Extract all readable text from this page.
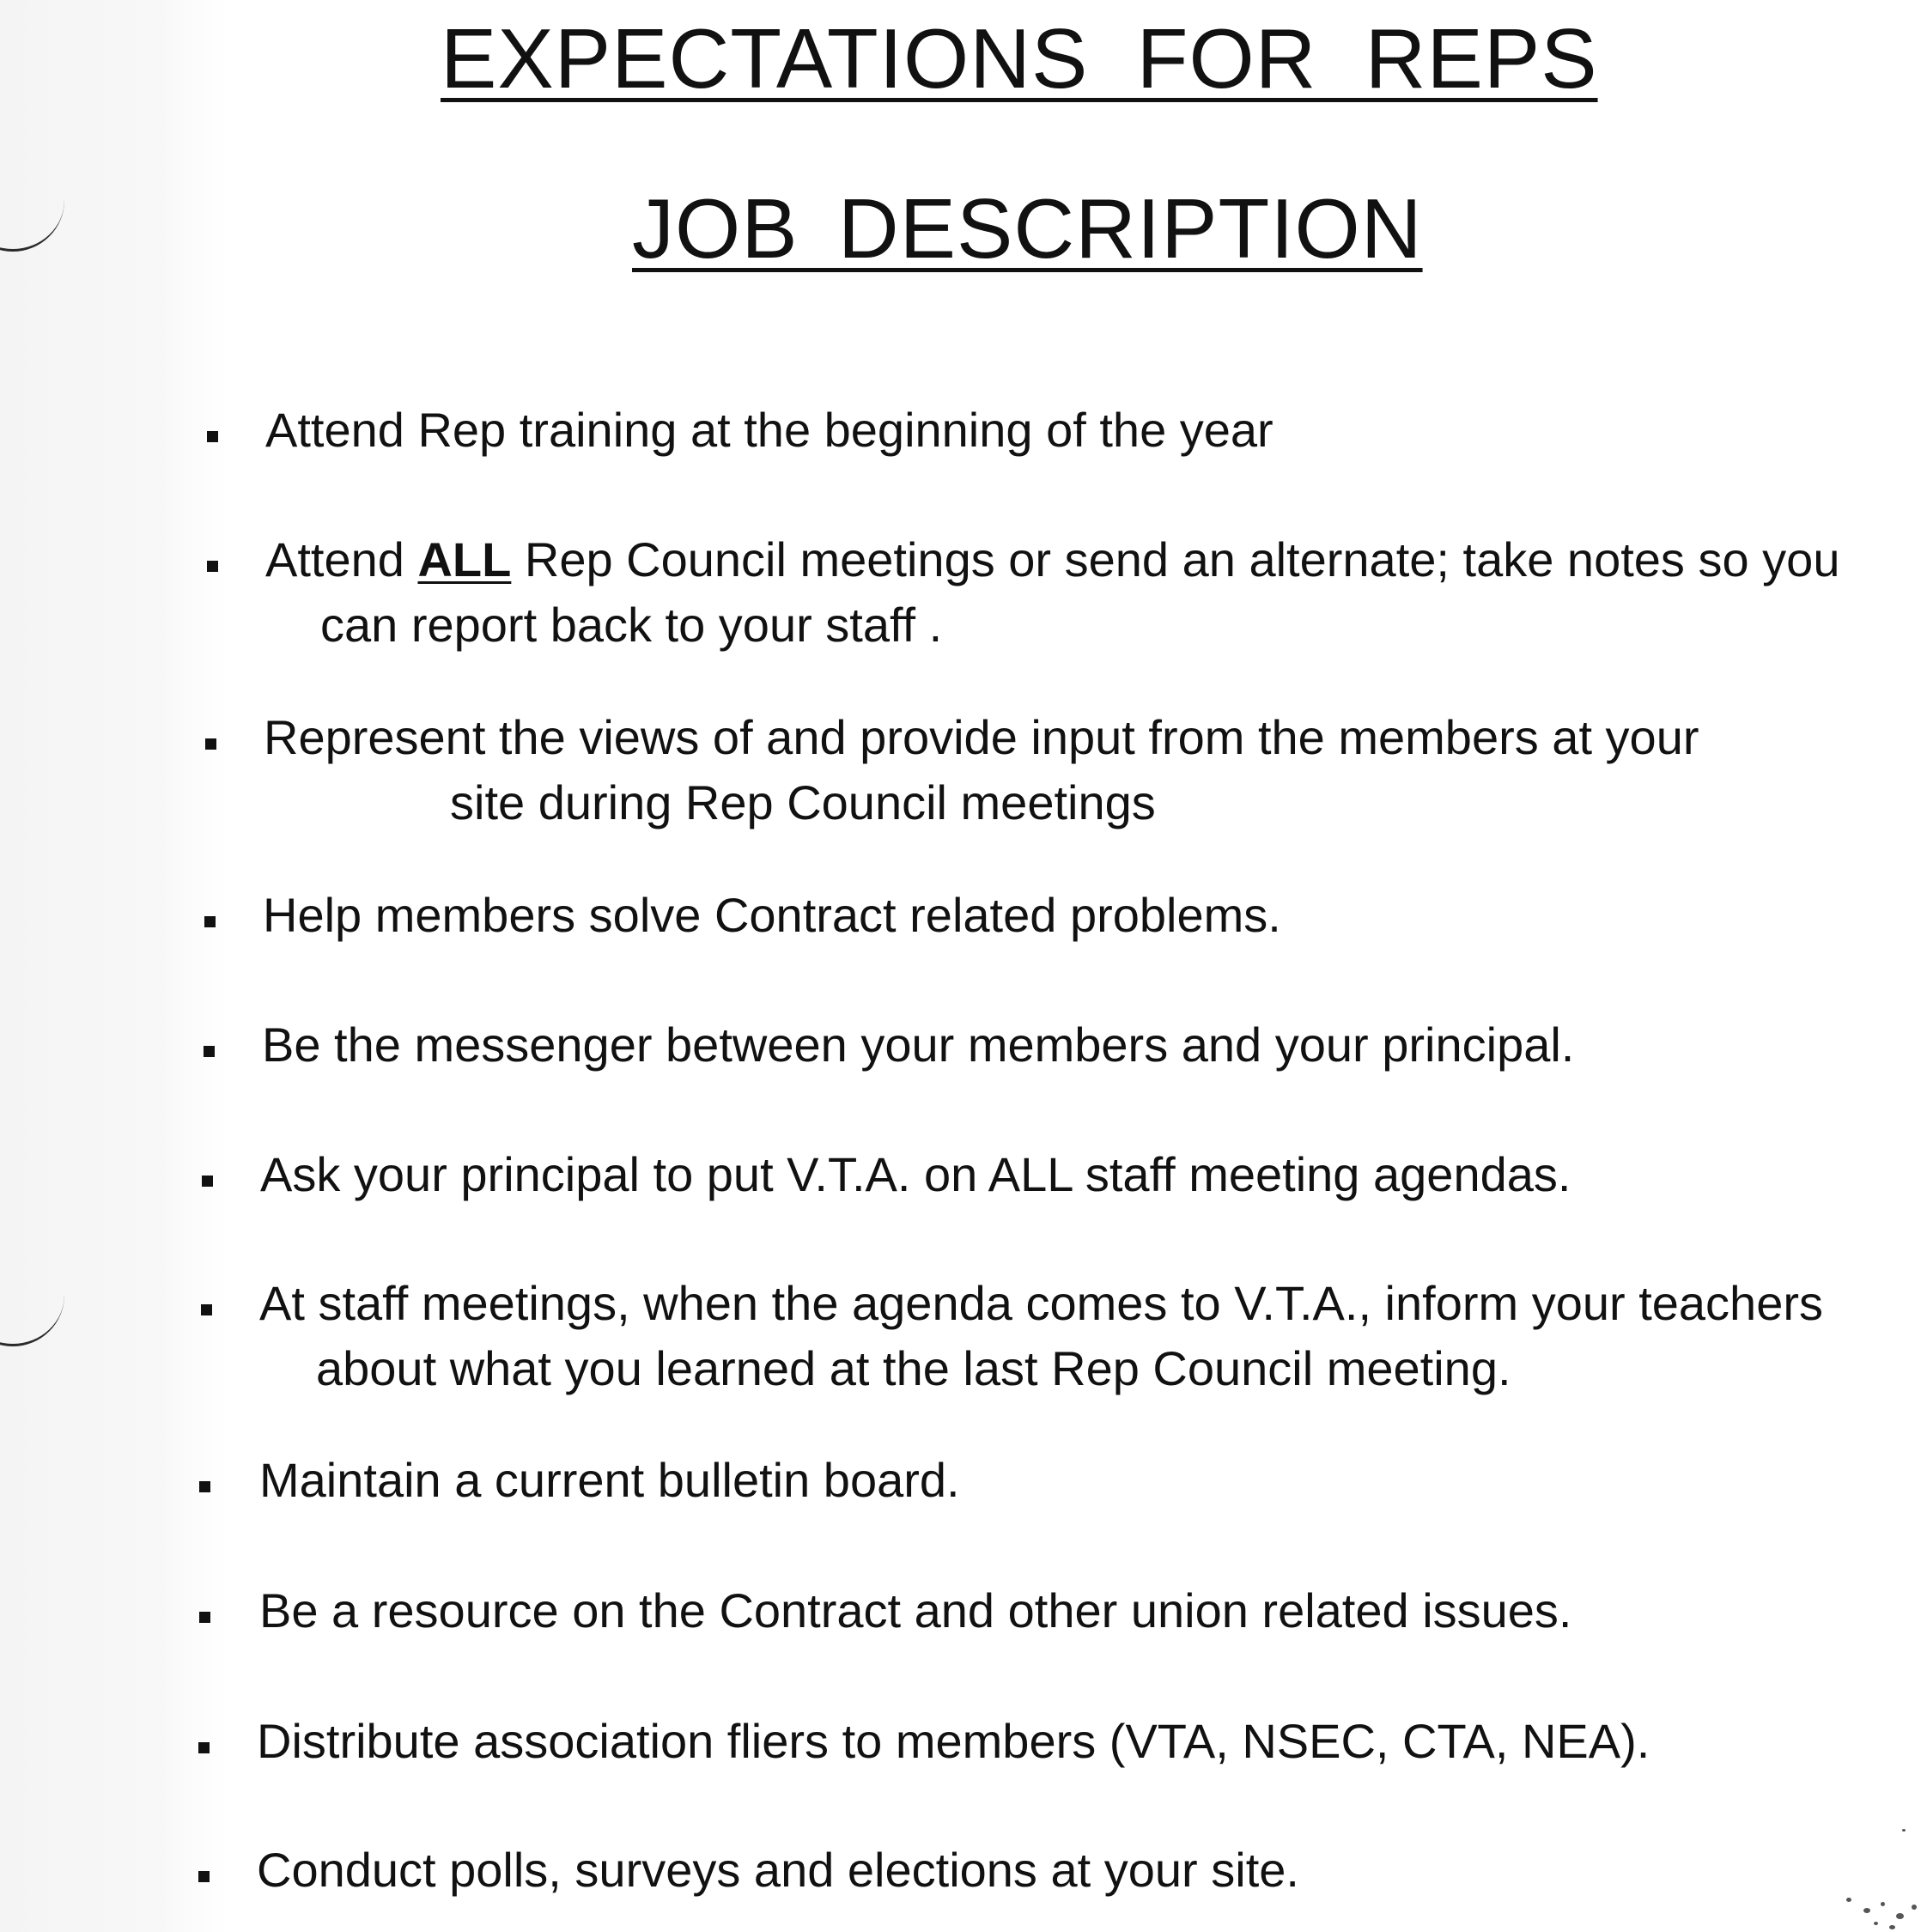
EXPECTATIONS FOR REPS
JOB DESCRIPTION
Attend Rep training at the beginning of the year
Attend ALL Rep Council meetings or send an alternate; take notes so you
can report back to your staff .
Represent the views of and provide input from the members at your
site during Rep Council meetings
Help members solve Contract related problems.
Be the messenger between your members and your principal.
Ask your principal to put V.T.A. on ALL staff meeting agendas.
At staff meetings, when the agenda comes to V.T.A., inform your teachers
about what you learned at the last Rep Council meeting.
Maintain a current bulletin board.
Be a resource on the Contract and other union related issues.
Distribute association fliers to members (VTA, NSEC, CTA, NEA).
Conduct polls, surveys and elections at your site.
